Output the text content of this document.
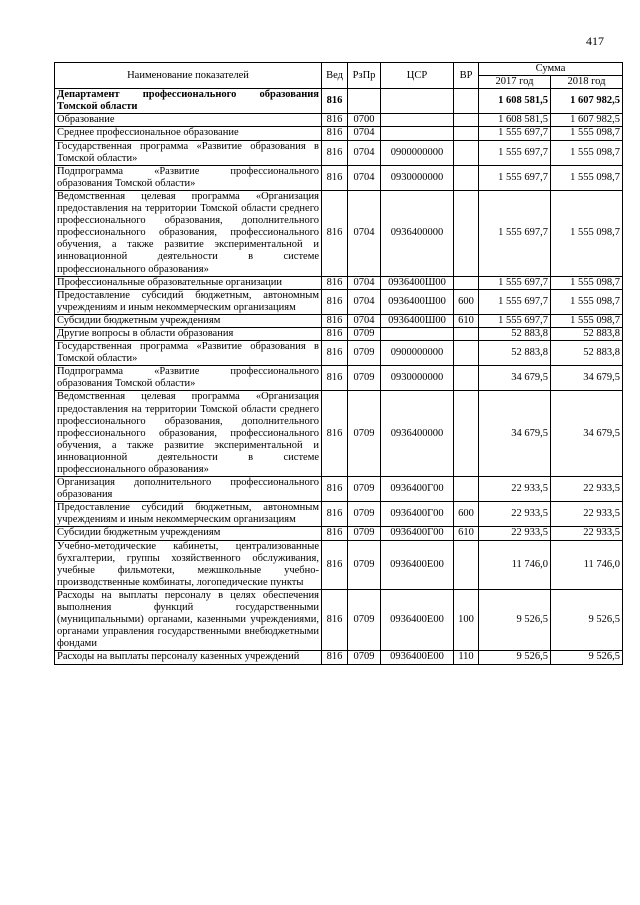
417
Наименование показателей	Вед	РзПр	ЦСР	ВР	Сумма	
					2017 год	2018 год
Департамент профессионального образования Томской области	816				1 608 581,5	1 607 982,5
Образование	816	0700			1 608 581,5	1 607 982,5
Среднее профессиональное образование	816	0704			1 555 697,7	1 555 098,7
Государственная программа «Развитие образования в Томской области»	816	0704	0900000000		1 555 697,7	1 555 098,7
Подпрограмма «Развитие профессионального образования Томской области»	816	0704	0930000000		1 555 697,7	1 555 098,7
Ведомственная целевая программа «Организация предоставления на территории Томской области среднего профессионального образования, дополнительного профессионального образования, профессионального обучения, а также развитие экспериментальной и инновационной деятельности в системе профессионального образования»	816	0704	0936400000		1 555 697,7	1 555 098,7
Профессиональные образовательные организации	816	0704	0936400Ш00		1 555 697,7	1 555 098,7
Предоставление субсидий бюджетным, автономным учреждениям и иным некоммерческим организациям	816	0704	0936400Ш00	600	1 555 697,7	1 555 098,7
Субсидии бюджетным учреждениям	816	0704	0936400Ш00	610	1 555 697,7	1 555 098,7
Другие вопросы в области образования	816	0709			52 883,8	52 883,8
Государственная программа «Развитие образования в Томской области»	816	0709	0900000000		52 883,8	52 883,8
Подпрограмма «Развитие профессионального образования Томской области»	816	0709	0930000000		34 679,5	34 679,5
Ведомственная целевая программа «Организация предоставления на территории Томской области среднего профессионального образования, дополнительного профессионального образования, профессионального обучения, а также развитие экспериментальной и инновационной деятельности в системе профессионального образования»	816	0709	0936400000		34 679,5	34 679,5
Организация дополнительного профессионального образования	816	0709	0936400Г00		22 933,5	22 933,5
Предоставление субсидий бюджетным, автономным учреждениям и иным некоммерческим организациям	816	0709	0936400Г00	600	22 933,5	22 933,5
Субсидии бюджетным учреждениям	816	0709	0936400Г00	610	22 933,5	22 933,5
Учебно-методические кабинеты, централизованные бухгалтерии, группы хозяйственного обслуживания, учебные фильмотеки, межшкольные учебно-производственные комбинаты, логопедические пункты	816	0709	0936400Е00		11 746,0	11 746,0
Расходы на выплаты персоналу в целях обеспечения выполнения функций государственными (муниципальными) органами, казенными учреждениями, органами управления государственными внебюджетными фондами	816	0709	0936400Е00	100	9 526,5	9 526,5
Расходы на выплаты персоналу казенных учреждений	816	0709	0936400Е00	110	9 526,5	9 526,5
